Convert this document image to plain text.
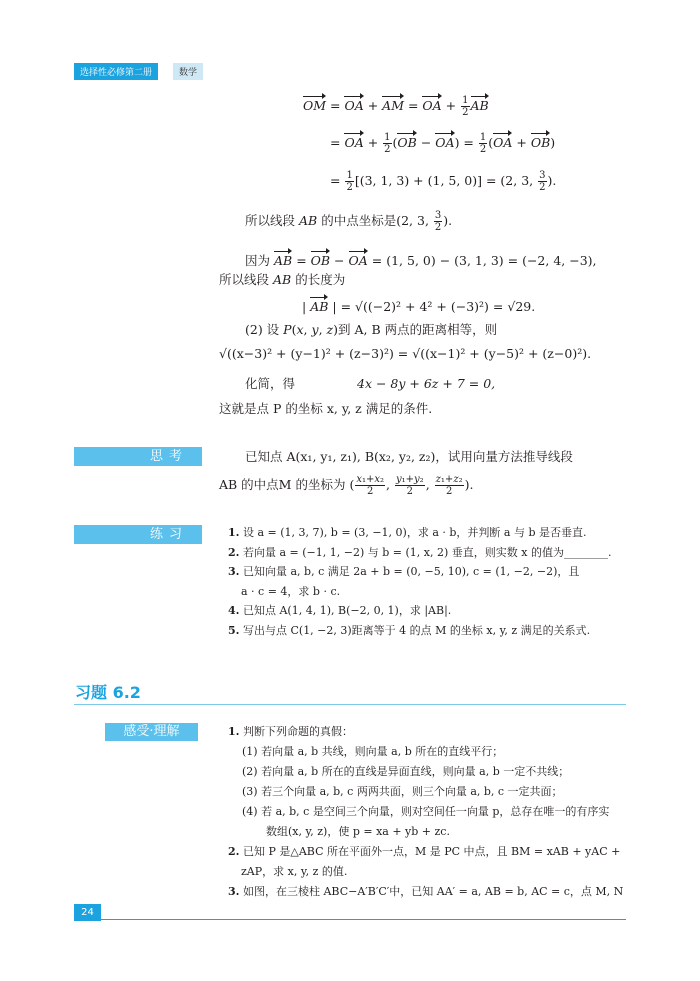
选择性必修第二册	数学
OM = OA + AM = OA + $\frac{1}{2}$ AB
= OA + $\frac{1}{2} (OB - OA) = \frac{1}{2} (OA + OB)$
= $\frac{1}{2} [(3$, 1, 3) + (1, 5, 0)] = (2, 3, $\frac{3}{2}$ ).
所以线段 AB 的中点坐标是(2, 3, $\frac{3}{2}$ ).
因为 AB = OB − OA = (1, 5, 0) − (3, 1, 3) = (−2, 4, −3),
所以线段 AB 的长度为
| AB | = √((−2)² + 4² + (−3)²) = √29.
(2) 设 P(x, y, z)到 A, B 两点的距离相等，则
√((x−3)² + (y−1)² + (z−3)²) = √((x−1)² + (y−5)² + (z−0)²).
化简，得	4x − 8y + 6z + 7 = 0,
这就是点 P 的坐标 x, y, z 满足的条件.
思考	已知点 A(x₁, y₁, z₁), B(x₂, y₂, z₂)，试用向量方法推导线段
AB 的中点M 的坐标为 ( $\frac{\text{x₁+x₂}}{2}$ , $\frac{\text{y₁+y₂}}{2}$ , $\frac{\text{z₁+z₂}}{2}$ ).
练习	1. 设 a = (1, 3, 7), b = (3, −1, 0)，求 a · b，并判断 a 与 b 是否垂直.
2. 若向量 a = (−1, 1, −2) 与 b = (1, x, 2) 垂直，则实数 x 的值为________.
3. 已知向量 a, b, c 满足 2a + b = (0, −5, 10), c = (1, −2, −2)，且
a · c = 4，求 b · c.
4. 已知点 A(1, 4, 1), B(−2, 0, 1)，求 |AB|.
5. 写出与点 C(1, −2, 3)距离等于 4 的点 M 的坐标 x, y, z 满足的关系式.
习题 6.2
感受·理解	1. 判断下列命题的真假：
(1) 若向量 a, b 共线，则向量 a, b 所在的直线平行；
(2) 若向量 a, b 所在的直线是异面直线，则向量 a, b 一定不共线；
(3) 若三个向量 a, b, c 两两共面，则三个向量 a, b, c 一定共面；
(4) 若 a, b, c 是空间三个向量，则对空间任一向量 p，总存在唯一的有序实
数组(x, y, z)，使 p = xa + yb + zc.
2. 已知 P 是△ABC 所在平面外一点，M 是 PC 中点，且 BM = xAB + yAC +
zAP，求 x, y, z 的值.
3. 如图，在三棱柱 ABC−A′B′C′中，已知 AA′ = a, AB = b, AC = c，点 M, N
24
